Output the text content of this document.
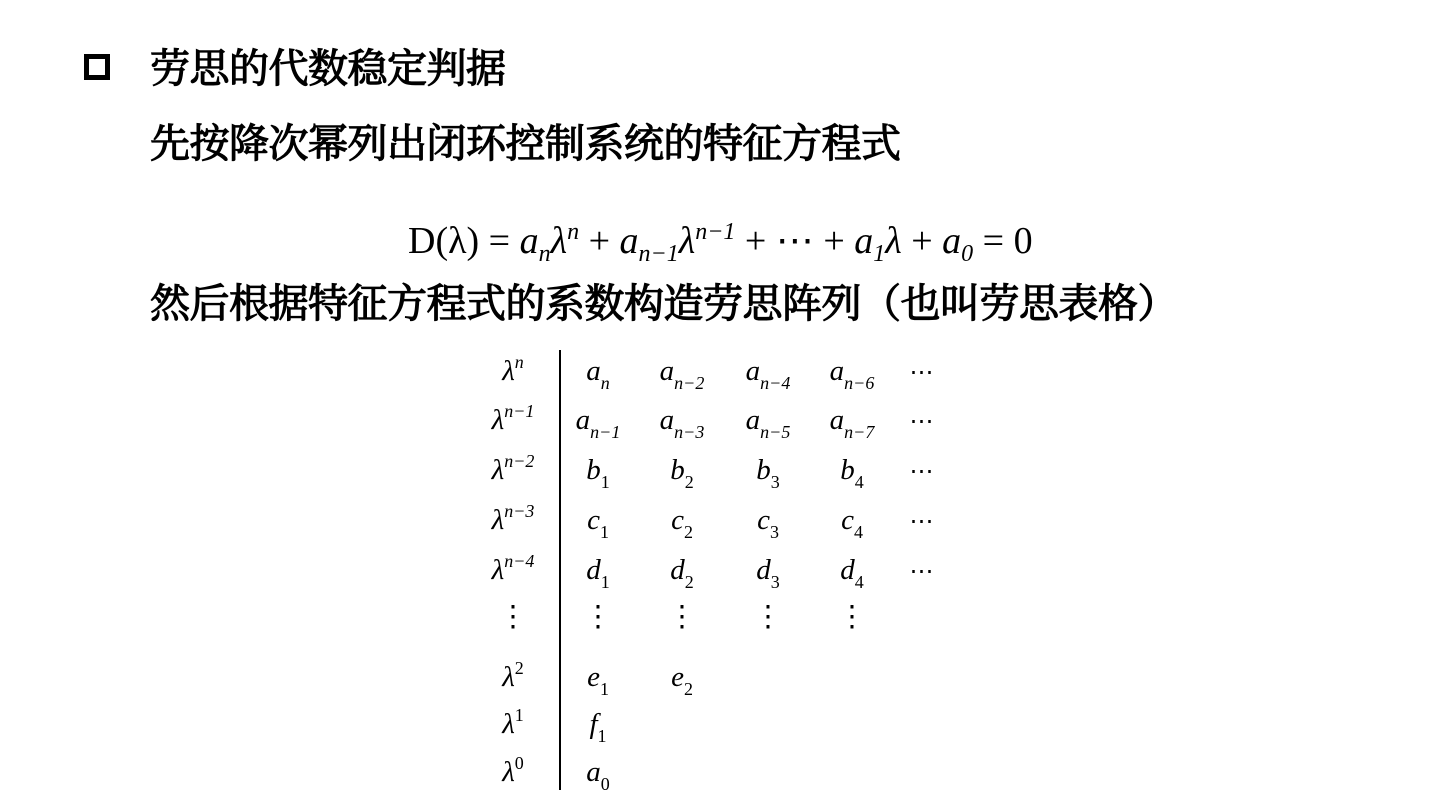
劳思的代数稳定判据
先按降次幂列出闭环控制系统的特征方程式
$D(\lambda) = a_n\lambda^n + a_{n-1}\lambda^{n-1}$ + ⋯ + $a_1\lambda + a_0 = 0$
然后根据特征方程式的系数构造劳思阵列（也叫劳思表格）
$\lambda^n$ $a_n$ $a_{n-2}$ $a_{n-4}$ $a_{n-6}$ ⋯
$\lambda^{n-1}$ $a_{n-1}$ $a_{n-3}$ $a_{n-5}$ $a_{n-7}$ ⋯
$\lambda^{n-2}$ $b_1$ $b_2$ $b_3$ $b_4$ ⋯
$\lambda^{n-3}$ $c_1$ $c_2$ $c_3$ $c_4$ ⋯
$\lambda^{n-4}$ $d_1$ $d_2$ $d_3$ $d_4$ ⋯
⋮ ⋮ ⋮ ⋮ ⋮
$\lambda^2$ $e_1$ $e_2$
$\lambda^1$ $f_1$
$\lambda^0$ $a_0$
